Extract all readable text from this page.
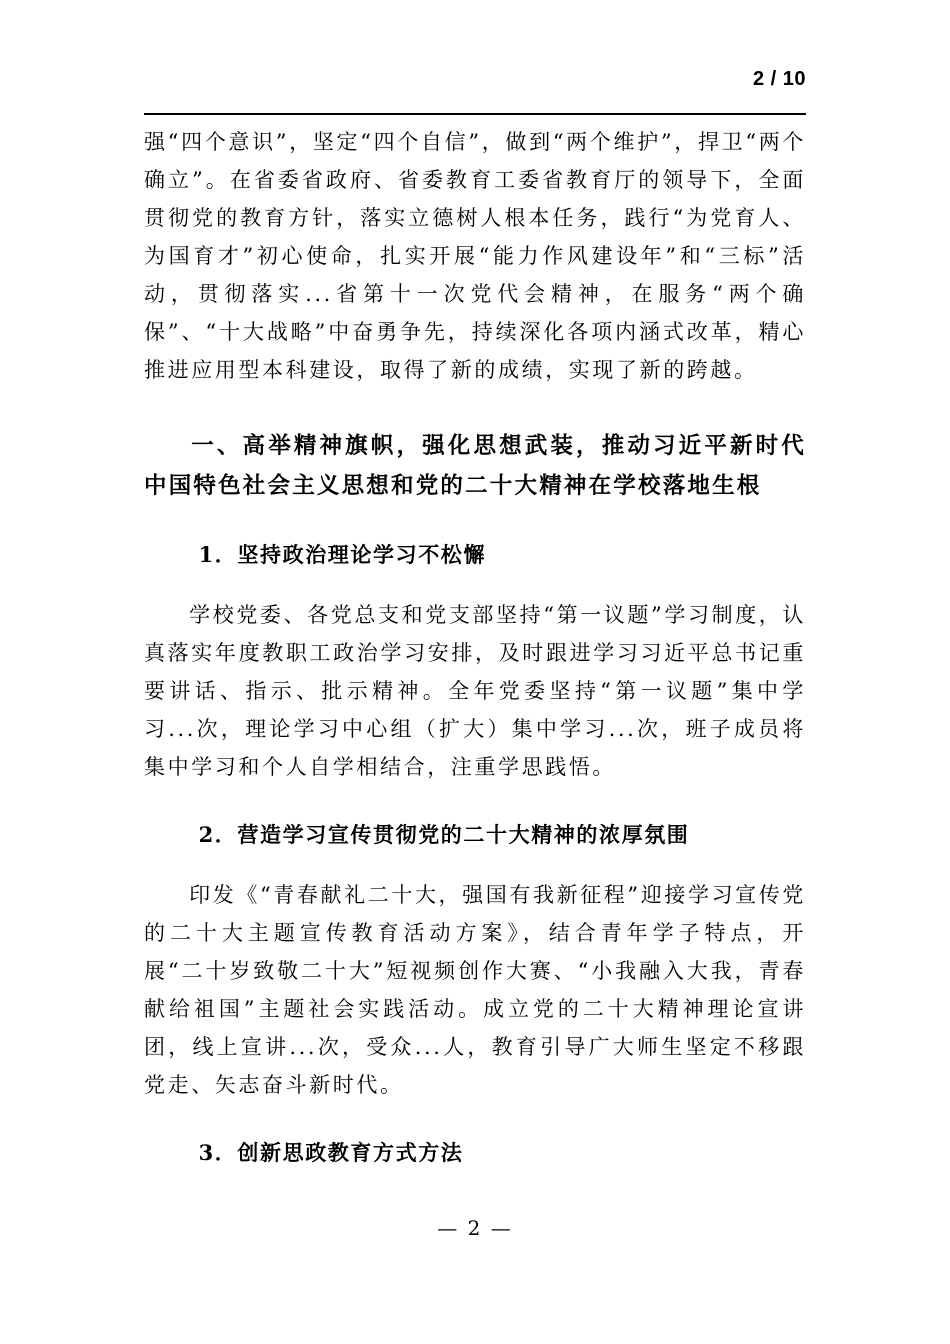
2 / 10

强“四个意识”，坚定“四个自信”，做到“两个维护”，捍卫“两个确立”。在省委省政府、省委教育工委省教育厅的领导下，全面贯彻党的教育方针，落实立德树人根本任务，践行“为党育人、为国育才”初心使命，扎实开展“能力作风建设年”和“三标”活动，贯彻落实...省第十一次党代会精神，在服务“两个确保”、“十大战略”中奋勇争先，持续深化各项内涵式改革，精心推进应用型本科建设，取得了新的成绩，实现了新的跨越。

一、高举精神旗帜，强化思想武装，推动习近平新时代中国特色社会主义思想和党的二十大精神在学校落地生根

1．坚持政治理论学习不松懈

学校党委、各党总支和党支部坚持“第一议题”学习制度，认真落实年度教职工政治学习安排，及时跟进学习习近平总书记重要讲话、指示、批示精神。全年党委坚持“第一议题”集中学习...次，理论学习中心组（扩大）集中学习...次，班子成员将集中学习和个人自学相结合，注重学思践悟。

2．营造学习宣传贯彻党的二十大精神的浓厚氛围

印发《“青春献礼二十大，强国有我新征程”迎接学习宣传党的二十大主题宣传教育活动方案》，结合青年学子特点，开展“二十岁致敬二十大”短视频创作大赛、“小我融入大我，青春献给祖国”主题社会实践活动。成立党的二十大精神理论宣讲团，线上宣讲...次，受众...人，教育引导广大师生坚定不移跟党走、矢志奋斗新时代。

3．创新思政教育方式方法

— 2 —
